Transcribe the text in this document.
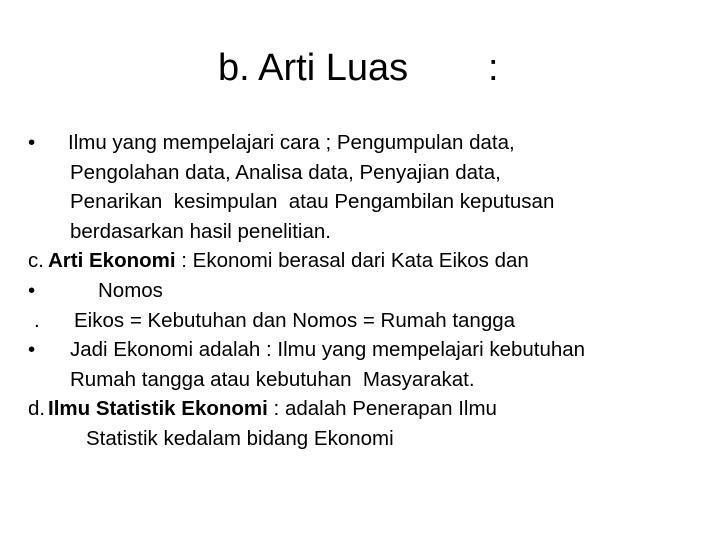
b. Arti Luas :

•

Ilmu yang mempelajari cara ; Pengumpulan data,

Pengolahan data, Analisa data, Penyajian data,

Penarikan  kesimpulan  atau Pengambilan keputusan

berdasarkan hasil penelitian.

c.

Arti Ekonomi : Ekonomi berasal dari Kata Eikos dan

•

	Nomos

.

Eikos = Kebutuhan dan Nomos = Rumah tangga

•

Jadi Ekonomi adalah : Ilmu yang mempelajari kebutuhan

Rumah tangga atau kebutuhan  Masyarakat.

d.

Ilmu Statistik Ekonomi : adalah Penerapan Ilmu

Statistik kedalam bidang Ekonomi
